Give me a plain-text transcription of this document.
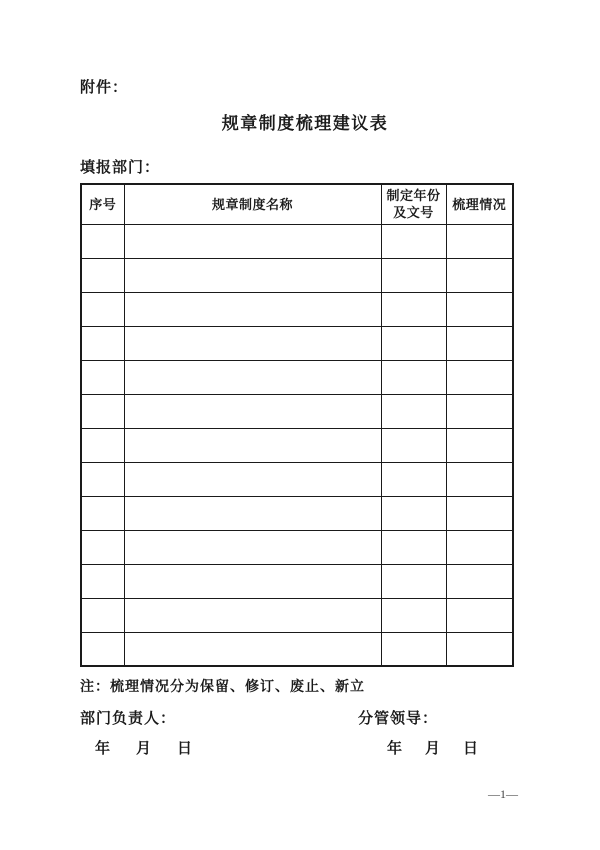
附件：
规章制度梳理建议表
填报部门：
序号	规章制度名称	制定年份及文号	梳理情况

注：梳理情况分为保留、修订、废止、新立
部门负责人：	分管领导：
年 月 日	年 月 日
—1—
